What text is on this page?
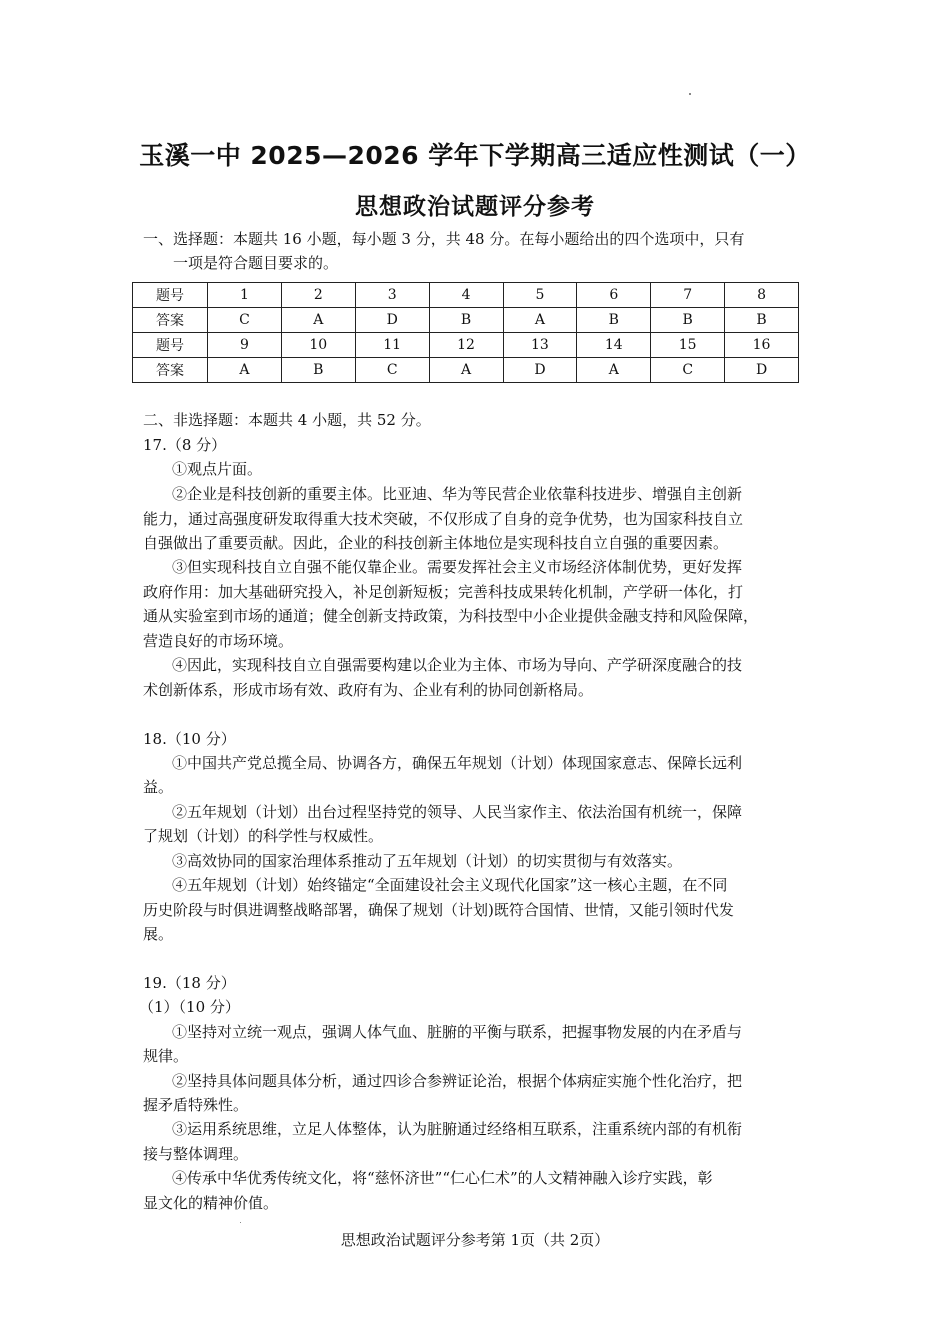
玉溪一中 2025—2026 学年下学期高三适应性测试（一）
思想政治试题评分参考
一、选择题：本题共 16 小题，每小题 3 分，共 48 分。在每小题给出的四个选项中，只有
一项是符合题目要求的。
题号	1	2	3	4	5	6	7	8
答案	C	A	D	B	A	B	B	B
题号	9	10	11	12	13	14	15	16
答案	A	B	C	A	D	A	C	D
二、非选择题：本题共 4 小题，共 52 分。
17.（8 分）
①观点片面。
②企业是科技创新的重要主体。比亚迪、华为等民营企业依靠科技进步、增强自主创新
能力，通过高强度研发取得重大技术突破，不仅形成了自身的竞争优势，也为国家科技自立
自强做出了重要贡献。因此，企业的科技创新主体地位是实现科技自立自强的重要因素。
③但实现科技自立自强不能仅靠企业。需要发挥社会主义市场经济体制优势，更好发挥
政府作用：加大基础研究投入，补足创新短板；完善科技成果转化机制，产学研一体化，打
通从实验室到市场的通道；健全创新支持政策，为科技型中小企业提供金融支持和风险保障，
营造良好的市场环境。
④因此，实现科技自立自强需要构建以企业为主体、市场为导向、产学研深度融合的技
术创新体系，形成市场有效、政府有为、企业有利的协同创新格局。
18.（10 分）
①中国共产党总揽全局、协调各方，确保五年规划（计划）体现国家意志、保障长远利
益。
②五年规划（计划）出台过程坚持党的领导、人民当家作主、依法治国有机统一，保障
了规划（计划）的科学性与权威性。
③高效协同的国家治理体系推动了五年规划（计划）的切实贯彻与有效落实。
④五年规划（计划）始终锚定“全面建设社会主义现代化国家”这一核心主题，在不同
历史阶段与时俱进调整战略部署，确保了规划（计划)既符合国情、世情，又能引领时代发
展。
19.（18 分）
（1）（10 分）
①坚持对立统一观点，强调人体气血、脏腑的平衡与联系，把握事物发展的内在矛盾与
规律。
②坚持具体问题具体分析，通过四诊合参辨证论治，根据个体病症实施个性化治疗，把
握矛盾特殊性。
③运用系统思维，立足人体整体，认为脏腑通过经络相互联系，注重系统内部的有机衔
接与整体调理。
④传承中华优秀传统文化，将“慈怀济世”“仁心仁术”的人文精神融入诊疗实践，彰
显文化的精神价值。
思想政治试题评分参考第 1页（共 2页）
